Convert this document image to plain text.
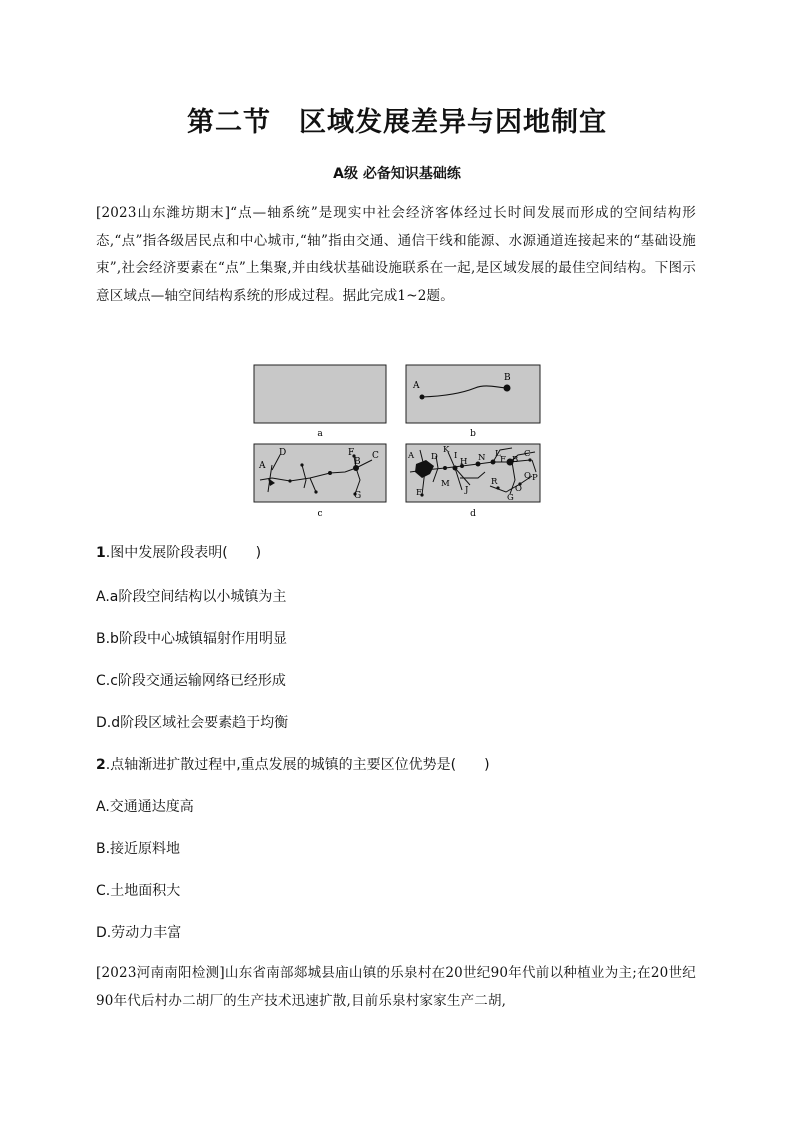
第二节　区域发展差异与因地制宜
A级 必备知识基础练
[2023山东潍坊期末]“点—轴系统”是现实中社会经济客体经过长时间发展而形成的空间结构形态,“点”指各级居民点和中心城市,“轴”指由交通、通信干线和能源、水源通道连接起来的“基础设施束”,社会经济要素在“点”上集聚,并由线状基础设施联系在一起,是区域发展的最佳空间结构。下图示意区域点—轴空间结构系统的形成过程。据此完成1~2题。
a
A
B
b
A
D	F
B
C
G
c
A
K
D I
H
L
N F B
C
M
J
R
Q P
O
G
E
d
1.图中发展阶段表明(　　)
A.a阶段空间结构以小城镇为主
B.b阶段中心城镇辐射作用明显
C.c阶段交通运输网络已经形成
D.d阶段区域社会要素趋于均衡
2.点轴渐进扩散过程中,重点发展的城镇的主要区位优势是(　　)
A.交通通达度高
B.接近原料地
C.土地面积大
D.劳动力丰富
[2023河南南阳检测]山东省南部郯城县庙山镇的乐泉村在20世纪90年代前以种植业为主;在20世纪90年代后村办二胡厂的生产技术迅速扩散,目前乐泉村家家生产二胡,
